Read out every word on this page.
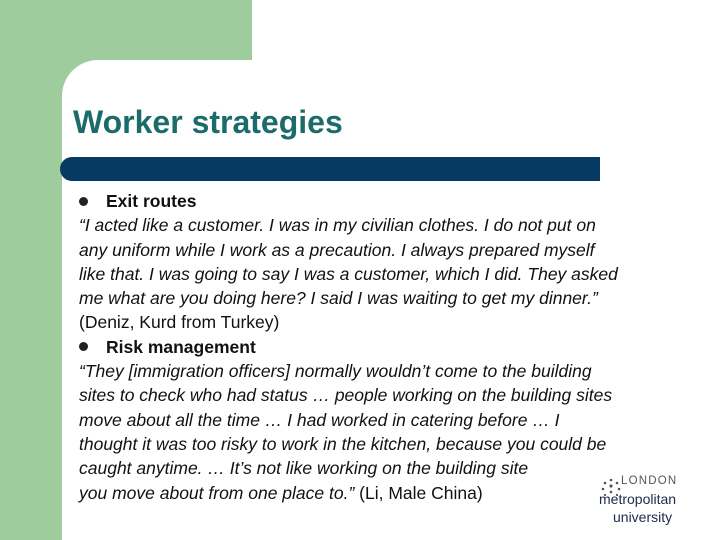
Worker strategies
Exit routes
“I acted like a customer. I was in my civilian clothes. I do not put on
any uniform while I work as a precaution. I always prepared myself
like that. I was going to say I was a customer, which I did. They asked
me what are you doing here? I said I was waiting to get my dinner.”
(Deniz, Kurd from Turkey)
Risk management
“They [immigration officers] normally wouldn’t come to the building
sites to check who had status … people working on the building sites
move about all the time … I had worked in catering before … I
thought it was too risky to work in the kitchen, because you could be
caught anytime. … It’s not like working on the building site
you move about from one place to.” (Li, Male China)
LONDON
metropolitan
university
